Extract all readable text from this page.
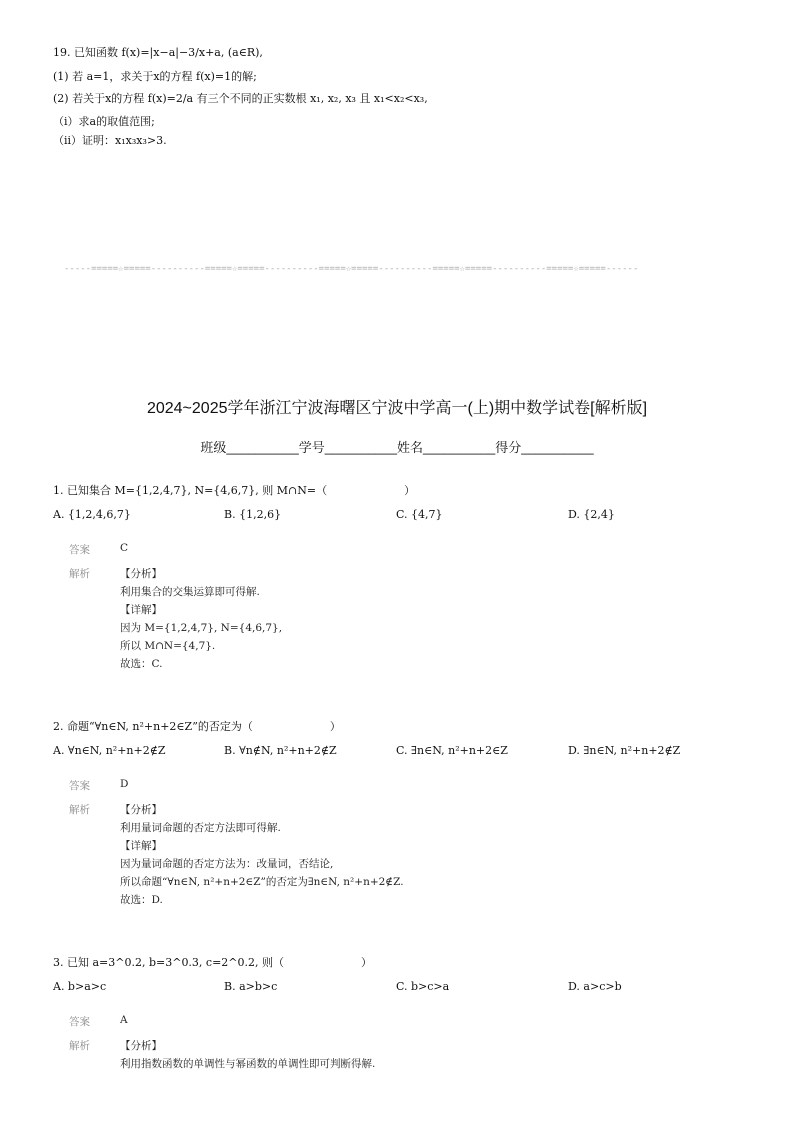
19. 已知函数 f(x)=|x−a|−3/x+a, (a∈R),
(1) 若 a=1，求关于x的方程 f(x)=1的解;
(2) 若关于x的方程 f(x)=2/a 有三个不同的正实数根 x₁, x₂, x₃ 且 x₁<x₂<x₃,
（i）求a的取值范围;
（ii）证明：x₁x₃x₃>3.
-----=====☆=====----------=====☆=====----------=====☆=====----------=====☆=====----------=====☆=====------
2024~2025学年浙江宁波海曙区宁波中学高一(上)期中数学试卷[解析版]
班级__________学号__________姓名__________得分__________
1. 已知集合 M={1,2,4,7}, N={4,6,7}, 则 M∩N=（　　　　　　　）
A. {1,2,4,6,7}	B. {1,2,6}	C. {4,7}	D. {2,4}
答案	C
解析	【分析】
利用集合的交集运算即可得解.
【详解】
因为 M={1,2,4,7}, N={4,6,7},
所以 M∩N={4,7}.
故选：C.
2. 命题“∀n∈N, n²+n+2∈Z”的否定为（　　　　　　　）
A. ∀n∈N, n²+n+2∉Z	B. ∀n∉N, n²+n+2∉Z	C. ∃n∈N, n²+n+2∈Z	D. ∃n∈N, n²+n+2∉Z
答案	D
解析	【分析】
利用量词命题的否定方法即可得解.
【详解】
因为量词命题的否定方法为：改量词，否结论,
所以命题“∀n∈N, n²+n+2∈Z”的否定为∃n∈N, n²+n+2∉Z.
故选：D.
3. 已知 a=3^0.2, b=3^0.3, c=2^0.2, 则（　　　　　　　）
A. b>a>c	B. a>b>c	C. b>c>a	D. a>c>b
答案	A
解析	【分析】
利用指数函数的单调性与幂函数的单调性即可判断得解.
